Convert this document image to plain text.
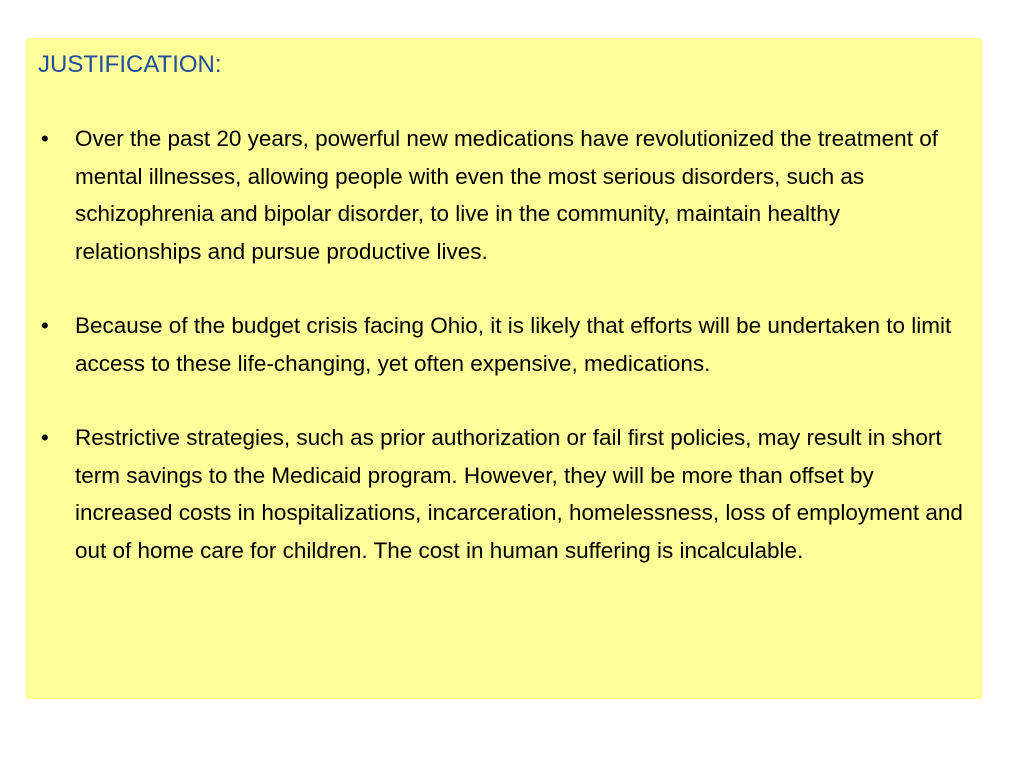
JUSTIFICATION:

• Over the past 20 years, powerful new medications have revolutionized the treatment of mental illnesses, allowing people with even the most serious disorders, such as schizophrenia and bipolar disorder, to live in the community, maintain healthy relationships and pursue productive lives.
• Because of the budget crisis facing Ohio, it is likely that efforts will be undertaken to limit access to these life-changing, yet often expensive, medications.
• Restrictive strategies, such as prior authorization or fail first policies, may result in short term savings to the Medicaid program. However, they will be more than offset by increased costs in hospitalizations, incarceration, homelessness, loss of employment and out of home care for children. The cost in human suffering is incalculable.
